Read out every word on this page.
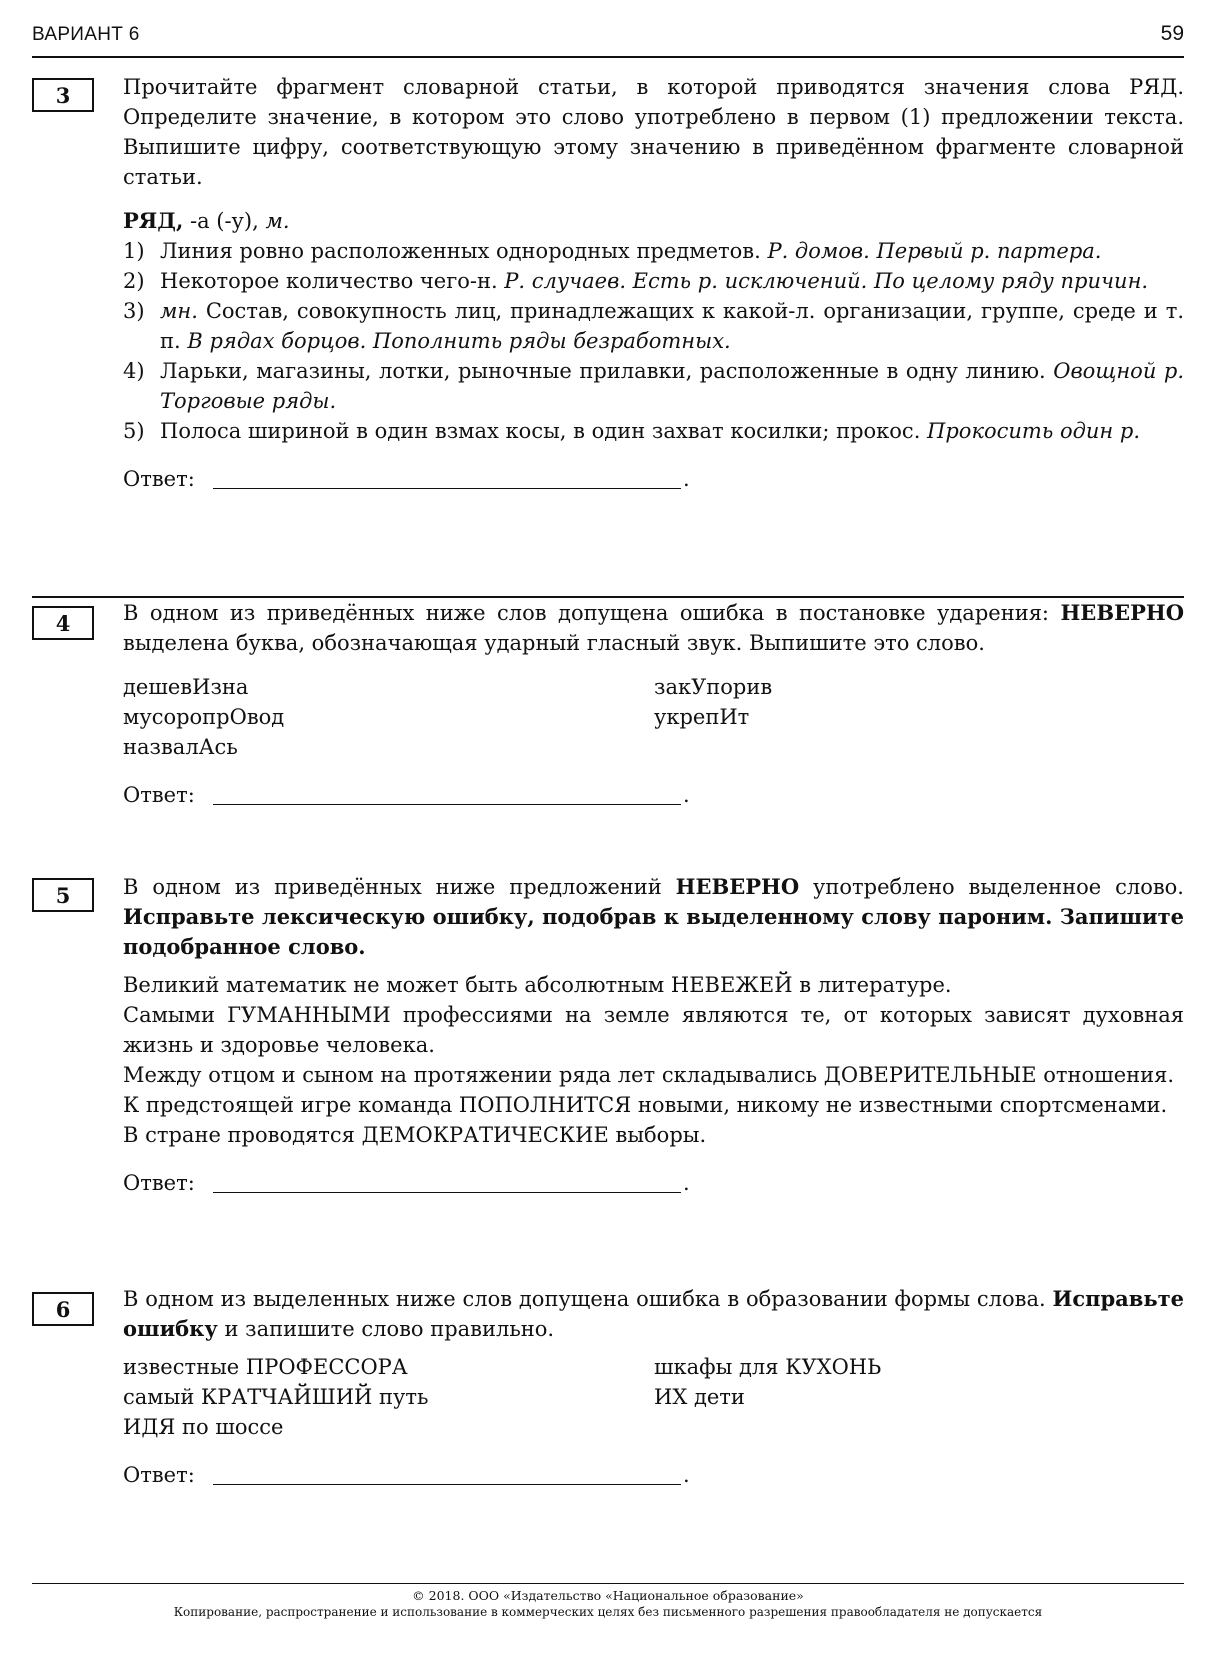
ВАРИАНТ 6	59
3	Прочитайте фрагмент словарной статьи, в которой приводятся значения слова РЯД. Определите значение, в котором это слово употреблено в первом (1) предложении текста. Выпишите цифру, соответствующую этому значению в приведённом фрагменте словарной статьи.

РЯД, -а (-у), м.
1) Линия ровно расположенных однородных предметов. Р. домов. Первый р. партера.
2) Некоторое количество чего-н. Р. случаев. Есть р. исключений. По целому ряду причин.
3) мн. Состав, совокупность лиц, принадлежащих к какой-л. организации, группе, среде и т. п. В рядах борцов. Пополнить ряды безработных.
4) Ларьки, магазины, лотки, рыночные прилавки, расположенные в одну линию. Овощной р. Торговые ряды.
5) Полоса шириной в один взмах косы, в один захват косилки; прокос. Прокосить один р.
Ответ:	.
4	В одном из приведённых ниже слов допущена ошибка в постановке ударения: НЕВЕРНО выделена буква, обозначающая ударный гласный звук. Выпишите это слово.

дешевИзна
мусоропрОвод
назвалАсь
закУпорив
укрепИт
Ответ:	.
5	В одном из приведённых ниже предложений НЕВЕРНО употреблено выделенное слово. Исправьте лексическую ошибку, подобрав к выделенному слову пароним. Запишите подобранное слово.

Великий математик не может быть абсолютным НЕВЕЖЕЙ в литературе.

Самыми ГУМАННЫМИ профессиями на земле являются те, от которых зависят духовная жизнь и здоровье человека.

Между отцом и сыном на протяжении ряда лет складывались ДОВЕРИТЕЛЬНЫЕ отношения.

К предстоящей игре команда ПОПОЛНИТСЯ новыми, никому не известными спортсменами.

В стране проводятся ДЕМОКРАТИЧЕСКИЕ выборы.

Ответ:	.
6	В одном из выделенных ниже слов допущена ошибка в образовании формы слова. Исправьте ошибку и запишите слово правильно.

известные ПРОФЕССОРА
самый КРАТЧАЙШИЙ путь
ИДЯ по шоссе
шкафы для КУХОНЬ
ИХ дети
Ответ:	.
© 2018. ООО «Издательство «Национальное образование»
Копирование, распространение и использование в коммерческих целях без письменного разрешения правообладателя не допускается
